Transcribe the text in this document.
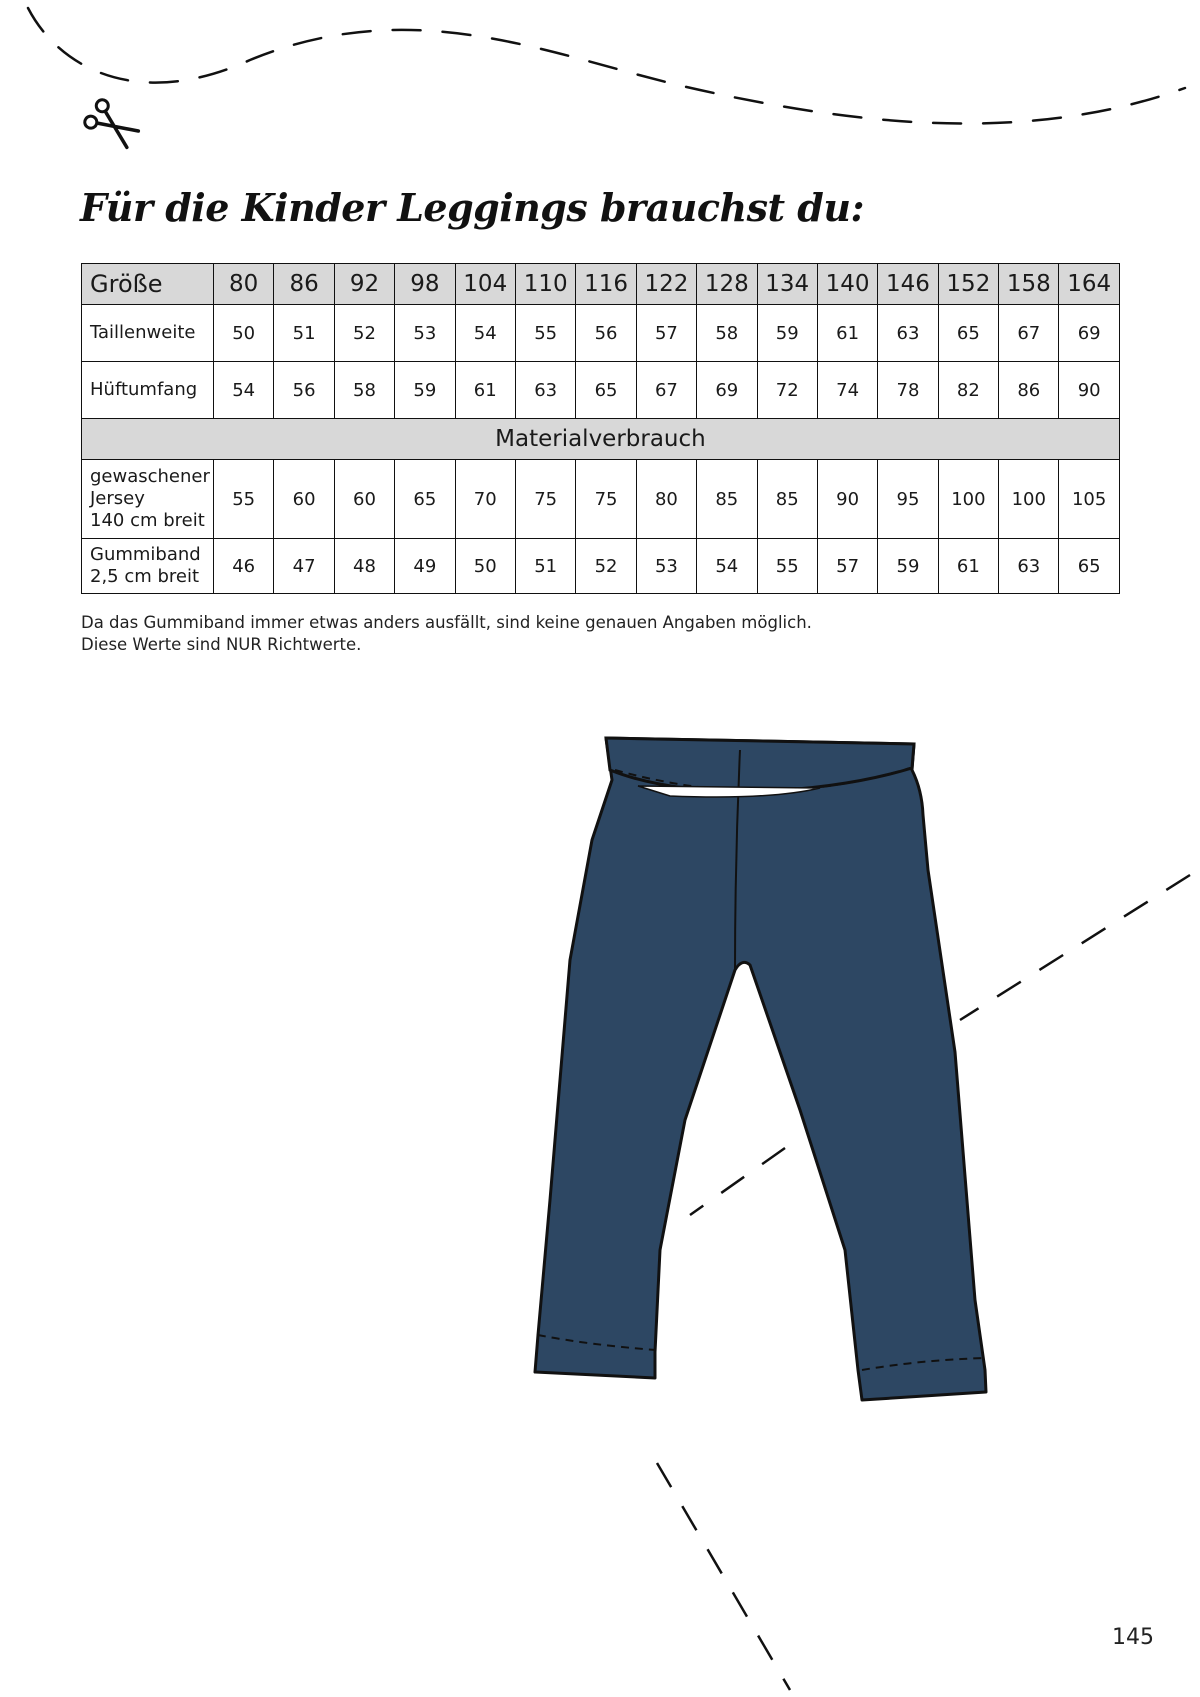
Für die Kinder Leggings brauchst du:
Größe	80	86	92	98	104	110	116	122	128	134	140	146	152	158	164
Taillenweite	50	51	52	53	54	55	56	57	58	59	61	63	65	67	69
Hüftumfang	54	56	58	59	61	63	65	67	69	72	74	78	82	86	90
Materialverbrauch															
gewaschener
Jersey
140 cm breit	55	60	60	65	70	75	75	80	85	85	90	95	100	100	105
Gummiband
2,5 cm breit	46	47	48	49	50	51	52	53	54	55	57	59	61	63	65

Da das Gummiband immer etwas anders ausfällt, sind keine genauen Angaben möglich.
Diese Werte sind NUR Richtwerte.

145
